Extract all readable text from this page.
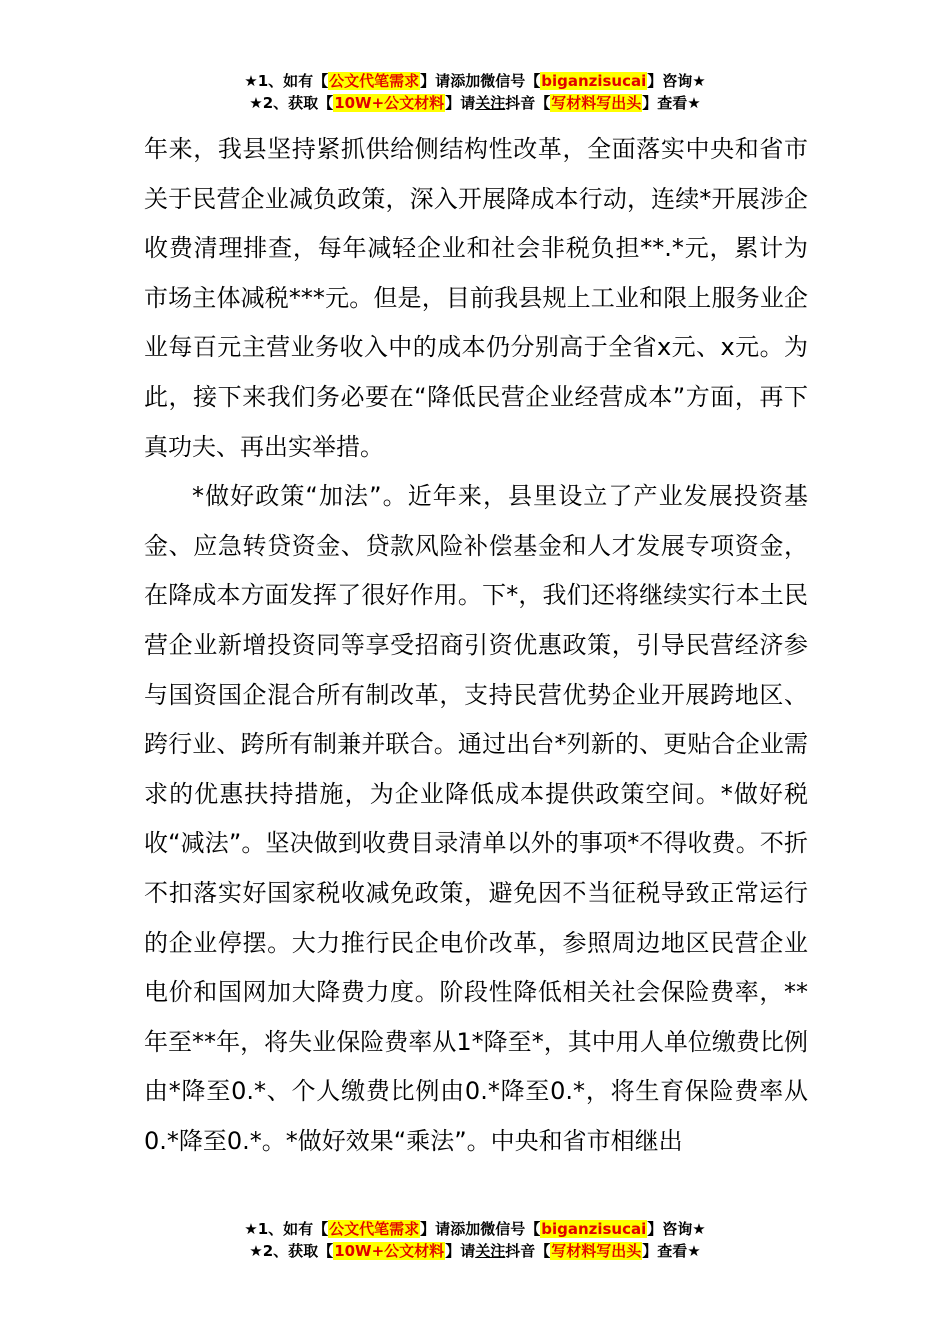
★1、如有【公文代笔需求】请添加微信号【biganzisucai】咨询★
★2、获取【10W+公文材料】请关注抖音【写材料写出头】查看★

年来，我县坚持紧抓供给侧结构性改革，全面落实中央和省市关于民营企业减负政策，深入开展降成本行动，连续*开展涉企收费清理排查，每年减轻企业和社会非税负担**.*元，累计为市场主体减税***元。但是，目前我县规上工业和限上服务业企业每百元主营业务收入中的成本仍分别高于全省x元、x元。为此，接下来我们务必要在“降低民营企业经营成本”方面，再下真功夫、再出实举措。

*做好政策“加法”。近年来，县里设立了产业发展投资基金、应急转贷资金、贷款风险补偿基金和人才发展专项资金，在降成本方面发挥了很好作用。下*，我们还将继续实行本土民营企业新增投资同等享受招商引资优惠政策，引导民营经济参与国资国企混合所有制改革，支持民营优势企业开展跨地区、跨行业、跨所有制兼并联合。通过出台*列新的、更贴合企业需求的优惠扶持措施，为企业降低成本提供政策空间。*做好税收“减法”。坚决做到收费目录清单以外的事项*不得收费。不折不扣落实好国家税收减免政策，避免因不当征税导致正常运行的企业停摆。大力推行民企电价改革，参照周边地区民营企业电价和国网加大降费力度。阶段性降低相关社会保险费率，**年至**年，将失业保险费率从1*降至*，其中用人单位缴费比例由*降至0.*、个人缴费比例由0.*降至0.*，将生育保险费率从0.*降至0.*。*做好效果“乘法”。中央和省市相继出

★1、如有【公文代笔需求】请添加微信号【biganzisucai】咨询★
★2、获取【10W+公文材料】请关注抖音【写材料写出头】查看★
